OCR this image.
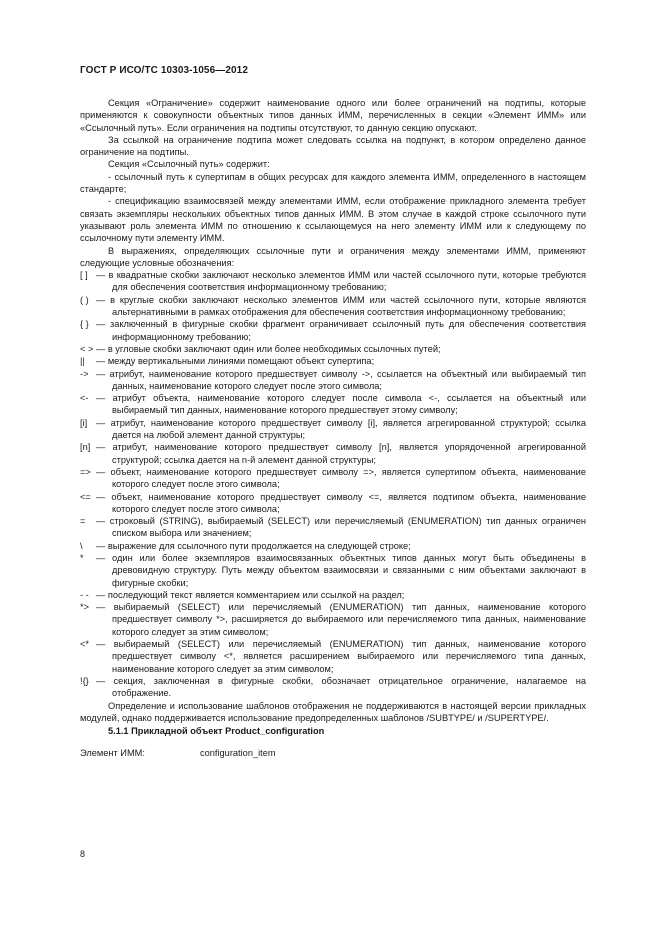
ГОСТ Р ИСО/ТС 10303-1056—2012

Секция «Ограничение» содержит наименование одного или более ограничений на подтипы, которые применяются к совокупности объектных типов данных ИММ, перечисленных в секции «Элемент ИММ» или «Ссылочный путь». Если ограничения на подтипы отсутствуют, то данную секцию опускают.

За ссылкой на ограничение подтипа может следовать ссылка на подпункт, в котором определено данное ограничение на подтипы.

Секция «Ссылочный путь» содержит:

- ссылочный путь к супертипам в общих ресурсах для каждого элемента ИММ, определенного в настоящем стандарте;

- спецификацию взаимосвязей между элементами ИММ, если отображение прикладного элемента требует связать экземпляры нескольких объектных типов данных ИММ. В этом случае в каждой строке ссылочного пути указывают роль элемента ИММ по отношению к ссылающемуся на него элементу ИММ или к следующему по ссылочному пути элементу ИММ.

В выражениях, определяющих ссылочные пути и ограничения между элементами ИММ, применяют следующие условные обозначения:

[ ] — в квадратные скобки заключают несколько элементов ИММ или частей ссылочного пути, которые требуются для обеспечения соответствия информационному требованию;
( ) — в круглые скобки заключают несколько элементов ИММ или частей ссылочного пути, которые являются альтернативными в рамках отображения для обеспечения соответствия информационному требованию;
{ } — заключенный в фигурные скобки фрагмент ограничивает ссылочный путь для обеспечения соответствия информационному требованию;
< > — в угловые скобки заключают один или более необходимых ссылочных путей;
||	— между вертикальными линиями помещают объект супертипа;
-> — атрибут, наименование которого предшествует символу ->, ссылается на объектный или выбираемый тип данных, наименование которого следует после этого символа;
<- — атрибут объекта, наименование которого следует после символа <-, ссылается на объектный или выбираемый тип данных, наименование которого предшествует этому символу;
[i] — атрибут, наименование которого предшествует символу [i], является агрегированной структурой; ссылка дается на любой элемент данной структуры;
[n] — атрибут, наименование которого предшествует символу [n], является упорядоченной агрегированной структурой; ссылка дается на n-й элемент данной структуры;
=> — объект, наименование которого предшествует символу =>, является супертипом объекта, наименование которого следует после этого символа;
<= — объект, наименование которого предшествует символу <=, является подтипом объекта, наименование которого следует после этого символа;
=	— строковый (STRING), выбираемый (SELECT) или перечисляемый (ENUMERATION) тип данных ограничен списком выбора или значением;
\	— выражение для ссылочного пути продолжается на следующей строке;
*	— один или более экземпляров взаимосвязанных объектных типов данных могут быть объединены в древовидную структуру. Путь между объектом взаимосвязи и связанными с ним объектами заключают в фигурные скобки;
- - — последующий текст является комментарием или ссылкой на раздел;
*> — выбираемый (SELECT) или перечисляемый (ENUMERATION) тип данных, наименование которого предшествует символу *>, расширяется до выбираемого или перечисляемого типа данных, наименование которого следует за этим символом;
<* — выбираемый (SELECT) или перечисляемый (ENUMERATION) тип данных, наименование которого предшествует символу <*, является расширением выбираемого или перечисляемого типа данных, наименование которого следует за этим символом;
!{} — секция, заключенная в фигурные скобки, обозначает отрицательное ограничение, налагаемое на отображение.

Определение и использование шаблонов отображения не поддерживаются в настоящей версии прикладных модулей, однако поддерживается использование предопределенных шаблонов /SUBTYPE/ и /SUPERTYPE/.

5.1.1 Прикладной объект Product_configuration

Элемент ИММ:	configuration_item
8
